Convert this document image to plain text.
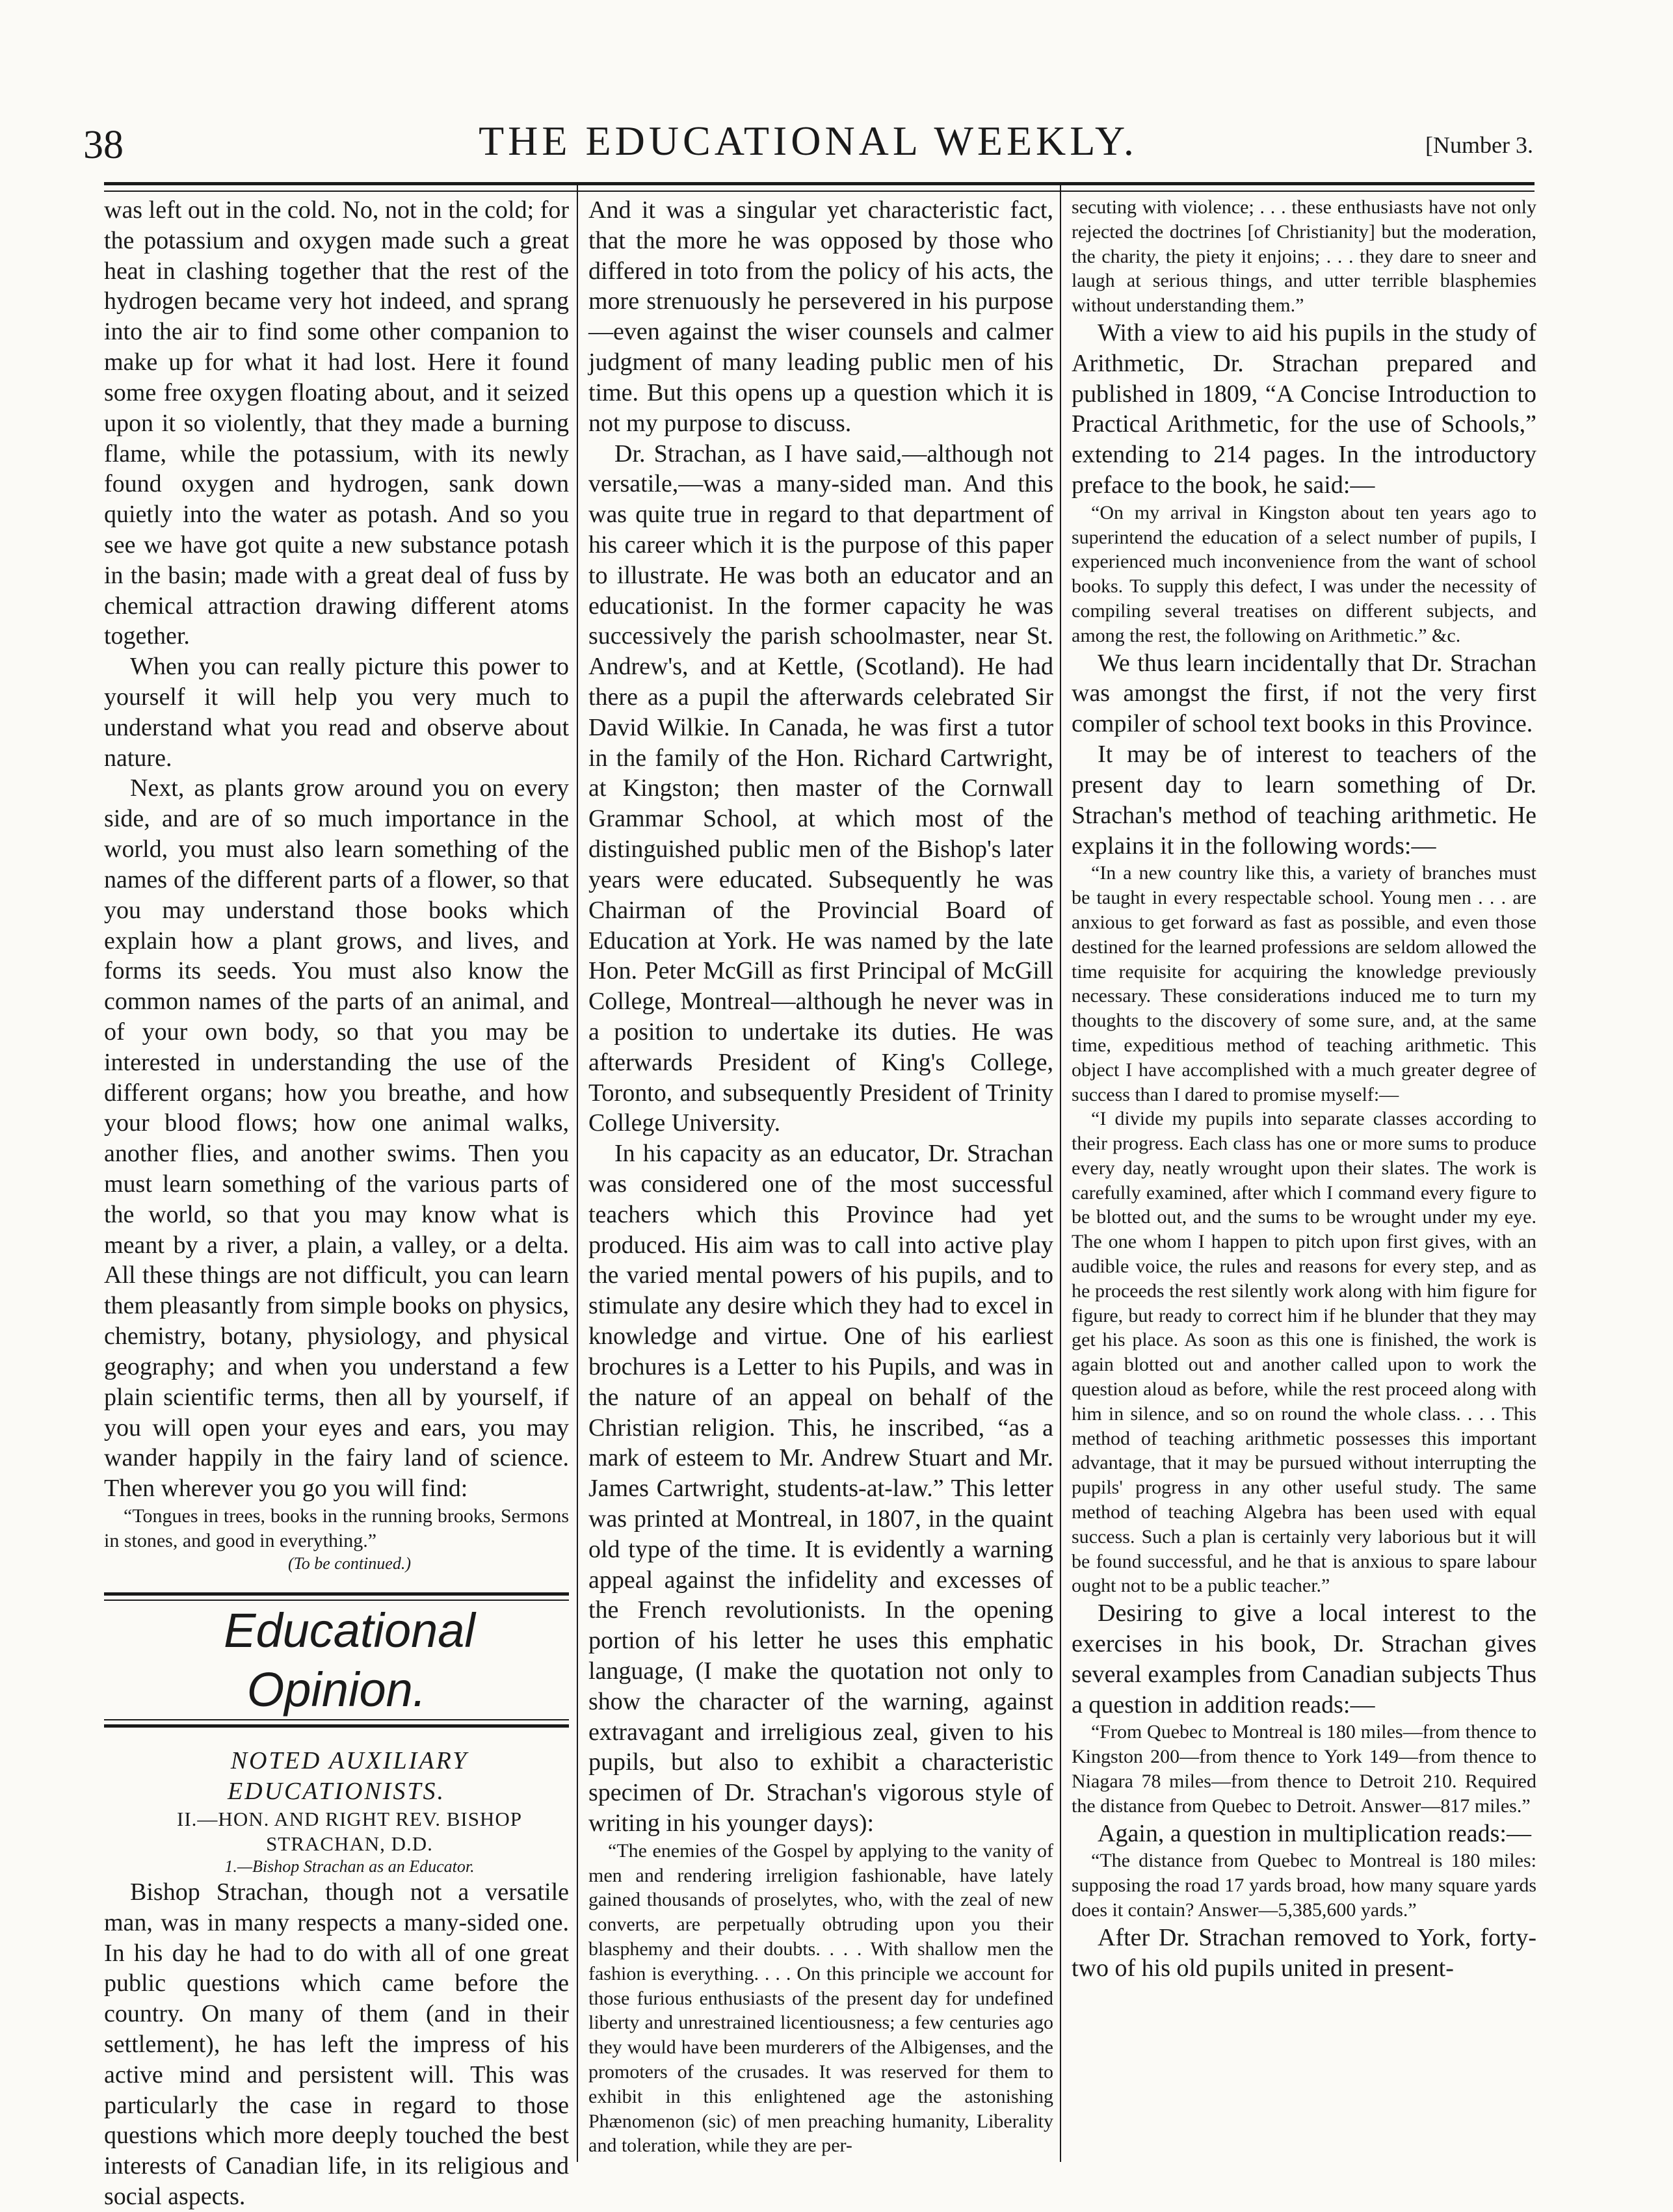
38	THE EDUCATIONAL WEEKLY.	[Number 3.

was left out in the cold. No, not in the cold; for the potassium and oxygen made such a great heat in clashing together that the rest of the hydrogen became very hot indeed, and sprang into the air to find some other companion to make up for what it had lost. Here it found some free oxygen floating about, and it seized upon it so violently, that they made a burning flame, while the potassium, with its newly found oxygen and hydrogen, sank down quietly into the water as potash. And so you see we have got quite a new substance potash in the basin; made with a great deal of fuss by chemical attraction drawing different atoms together.

When you can really picture this power to yourself it will help you very much to understand what you read and observe about nature.

Next, as plants grow around you on every side, and are of so much importance in the world, you must also learn something of the names of the different parts of a flower, so that you may understand those books which explain how a plant grows, and lives, and forms its seeds. You must also know the common names of the parts of an animal, and of your own body, so that you may be interested in understanding the use of the different organs; how you breathe, and how your blood flows; how one animal walks, another flies, and another swims. Then you must learn something of the various parts of the world, so that you may know what is meant by a river, a plain, a valley, or a delta. All these things are not difficult, you can learn them pleasantly from simple books on physics, chemistry, botany, physiology, and physical geography; and when you understand a few plain scientific terms, then all by yourself, if you will open your eyes and ears, you may wander happily in the fairy land of science. Then wherever you go you will find:

“Tongues in trees, books in the running brooks, Sermons in stones, and good in everything.”

(To be continued.)

Educational Opinion.

NOTED AUXILIARY EDUCATIONISTS.

II.—HON. AND RIGHT REV. BISHOP

STRACHAN, D.D.

1.—Bishop Strachan as an Educator.

Bishop Strachan, though not a versatile man, was in many respects a many-sided one. In his day he had to do with all of one great public questions which came before the country. On many of them (and in their settlement), he has left the impress of his active mind and persistent will. This was particularly the case in regard to those questions which more deeply touched the best interests of Canadian life, in its religious and social aspects.

And it was a singular yet characteristic fact, that the more he was opposed by those who differed in toto from the policy of his acts, the more strenuously he persevered in his purpose—even against the wiser counsels and calmer judgment of many leading public men of his time. But this opens up a question which it is not my purpose to discuss.

Dr. Strachan, as I have said,—although not versatile,—was a many-sided man. And this was quite true in regard to that department of his career which it is the purpose of this paper to illustrate. He was both an educator and an educationist. In the former capacity he was successively the parish schoolmaster, near St. Andrew's, and at Kettle, (Scotland). He had there as a pupil the afterwards celebrated Sir David Wilkie. In Canada, he was first a tutor in the family of the Hon. Richard Cartwright, at Kingston; then master of the Cornwall Grammar School, at which most of the distinguished public men of the Bishop's later years were educated. Subsequently he was Chairman of the Provincial Board of Education at York. He was named by the late Hon. Peter McGill as first Principal of McGill College, Montreal—although he never was in a position to undertake its duties. He was afterwards President of King's College, Toronto, and subsequently President of Trinity College University.

In his capacity as an educator, Dr. Strachan was considered one of the most successful teachers which this Province had yet produced. His aim was to call into active play the varied mental powers of his pupils, and to stimulate any desire which they had to excel in knowledge and virtue. One of his earliest brochures is a Letter to his Pupils, and was in the nature of an appeal on behalf of the Christian religion. This, he inscribed, “as a mark of esteem to Mr. Andrew Stuart and Mr. James Cartwright, students-at-law.” This letter was printed at Montreal, in 1807, in the quaint old type of the time. It is evidently a warning appeal against the infidelity and excesses of the French revolutionists. In the opening portion of his letter he uses this emphatic language, (I make the quotation not only to show the character of the warning, against extravagant and irreligious zeal, given to his pupils, but also to exhibit a characteristic specimen of Dr. Strachan's vigorous style of writing in his younger days):

“The enemies of the Gospel by applying to the vanity of men and rendering irreligion fashionable, have lately gained thousands of proselytes, who, with the zeal of new converts, are perpetually obtruding upon you their blasphemy and their doubts. . . . With shallow men the fashion is everything. . . . On this principle we account for those furious enthusiasts of the present day for undefined liberty and unrestrained licentiousness; a few centuries ago they would have been murderers of the Albigenses, and the promoters of the crusades. It was reserved for them to exhibit in this enlightened age the astonishing Phænomenon (sic) of men preaching humanity, Liberality and toleration, while they are per-

secuting with violence; . . . these enthusiasts have not only rejected the doctrines [of Christianity] but the moderation, the charity, the piety it enjoins; . . . they dare to sneer and laugh at serious things, and utter terrible blasphemies without understanding them.”

With a view to aid his pupils in the study of Arithmetic, Dr. Strachan prepared and published in 1809, “A Concise Introduction to Practical Arithmetic, for the use of Schools,” extending to 214 pages. In the introductory preface to the book, he said:—

“On my arrival in Kingston about ten years ago to superintend the education of a select number of pupils, I experienced much inconvenience from the want of school books. To supply this defect, I was under the necessity of compiling several treatises on different subjects, and among the rest, the following on Arithmetic.” &c.

We thus learn incidentally that Dr. Strachan was amongst the first, if not the very first compiler of school text books in this Province.

It may be of interest to teachers of the present day to learn something of Dr. Strachan's method of teaching arithmetic. He explains it in the following words:—

“In a new country like this, a variety of branches must be taught in every respectable school. Young men . . . are anxious to get forward as fast as possible, and even those destined for the learned professions are seldom allowed the time requisite for acquiring the knowledge previously necessary. These considerations induced me to turn my thoughts to the discovery of some sure, and, at the same time, expeditious method of teaching arithmetic. This object I have accomplished with a much greater degree of success than I dared to promise myself:—

“I divide my pupils into separate classes according to their progress. Each class has one or more sums to produce every day, neatly wrought upon their slates. The work is carefully examined, after which I command every figure to be blotted out, and the sums to be wrought under my eye. The one whom I happen to pitch upon first gives, with an audible voice, the rules and reasons for every step, and as he proceeds the rest silently work along with him figure for figure, but ready to correct him if he blunder that they may get his place. As soon as this one is finished, the work is again blotted out and another called upon to work the question aloud as before, while the rest proceed along with him in silence, and so on round the whole class. . . . This method of teaching arithmetic possesses this important advantage, that it may be pursued without interrupting the pupils' progress in any other useful study. The same method of teaching Algebra has been used with equal success. Such a plan is certainly very laborious but it will be found successful, and he that is anxious to spare labour ought not to be a public teacher.”

Desiring to give a local interest to the exercises in his book, Dr. Strachan gives several examples from Canadian subjects Thus a question in addition reads:—

“From Quebec to Montreal is 180 miles—from thence to Kingston 200—from thence to York 149—from thence to Niagara 78 miles—from thence to Detroit 210. Required the distance from Quebec to Detroit. Answer—817 miles.”

Again, a question in multiplication reads:—

“The distance from Quebec to Montreal is 180 miles: supposing the road 17 yards broad, how many square yards does it contain? Answer—5,385,600 yards.”

After Dr. Strachan removed to York, forty-two of his old pupils united in present-
